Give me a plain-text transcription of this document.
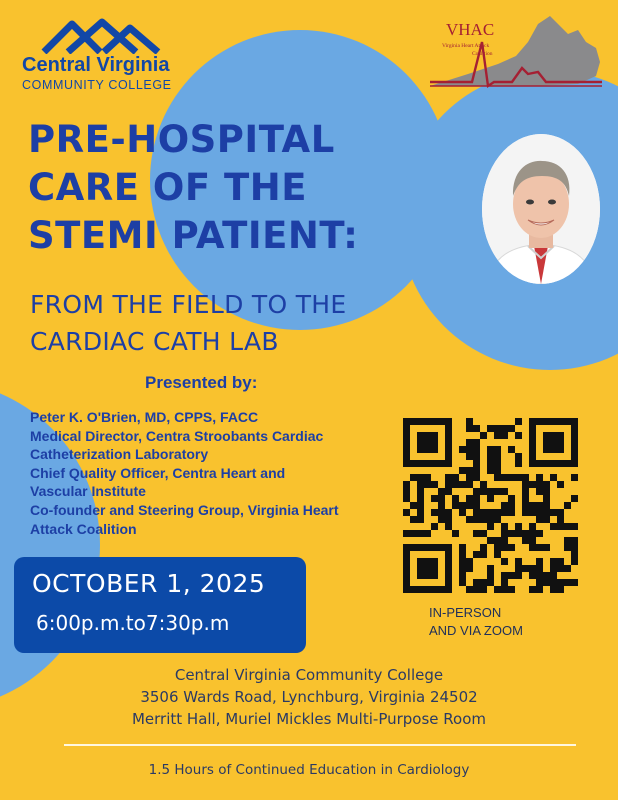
Central Virginia
COMMUNITY COLLEGE
VHAC
Virginia Heart Attack
Coalition
PRE-HOSPITAL
CARE OF THE
STEMI PATIENT:
FROM THE FIELD TO THE
CARDIAC CATH LAB
Presented by:
Peter K. O'Brien, MD, CPPS, FACC
Medical Director, Centra Stroobants Cardiac
Catheterization Laboratory
Chief Quality Officer, Centra Heart and
Vascular Institute
Co-founder and Steering Group, Virginia Heart
Attack Coalition
IN-PERSON
AND VIA ZOOM
OCTOBER 1, 2025
6:00p.m.to7:30p.m
Central Virginia Community College
3506 Wards Road, Lynchburg, Virginia 24502
Merritt Hall, Muriel Mickles Multi-Purpose Room
1.5 Hours of Continued Education in Cardiology
